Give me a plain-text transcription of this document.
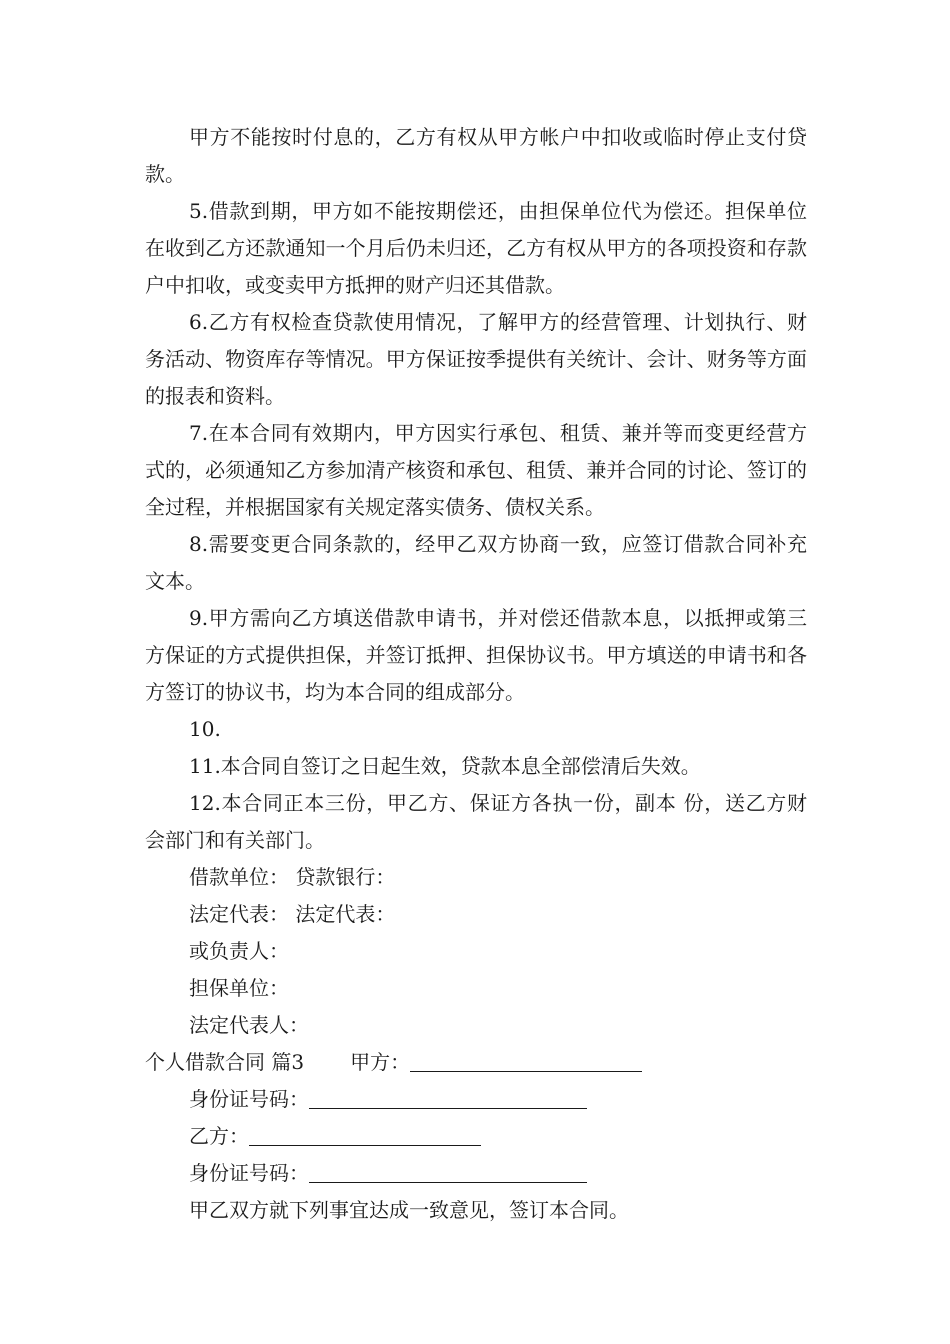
甲方不能按时付息的，乙方有权从甲方帐户中扣收或临时停止支付贷款。

5.借款到期，甲方如不能按期偿还，由担保单位代为偿还。担保单位在收到乙方还款通知一个月后仍未归还，乙方有权从甲方的各项投资和存款户中扣收，或变卖甲方抵押的财产归还其借款。

6.乙方有权检查贷款使用情况，了解甲方的经营管理、计划执行、财务活动、物资库存等情况。甲方保证按季提供有关统计、会计、财务等方面的报表和资料。

7.在本合同有效期内，甲方因实行承包、租赁、兼并等而变更经营方式的，必须通知乙方参加清产核资和承包、租赁、兼并合同的讨论、签订的全过程，并根据国家有关规定落实债务、债权关系。

8.需要变更合同条款的，经甲乙双方协商一致，应签订借款合同补充文本。

9.甲方需向乙方填送借款申请书，并对偿还借款本息，以抵押或第三方保证的方式提供担保，并签订抵押、担保协议书。甲方填送的申请书和各方签订的协议书，均为本合同的组成部分。

10.

11.本合同自签订之日起生效，贷款本息全部偿清后失效。

12.本合同正本三份，甲乙方、保证方各执一份，副本 份，送乙方财会部门和有关部门。

借款单位： 贷款银行：

法定代表： 法定代表：

或负责人：

担保单位：

法定代表人：

个人借款合同 篇3 甲方：

身份证号码：

乙方：

身份证号码：

甲乙双方就下列事宜达成一致意见，签订本合同。
